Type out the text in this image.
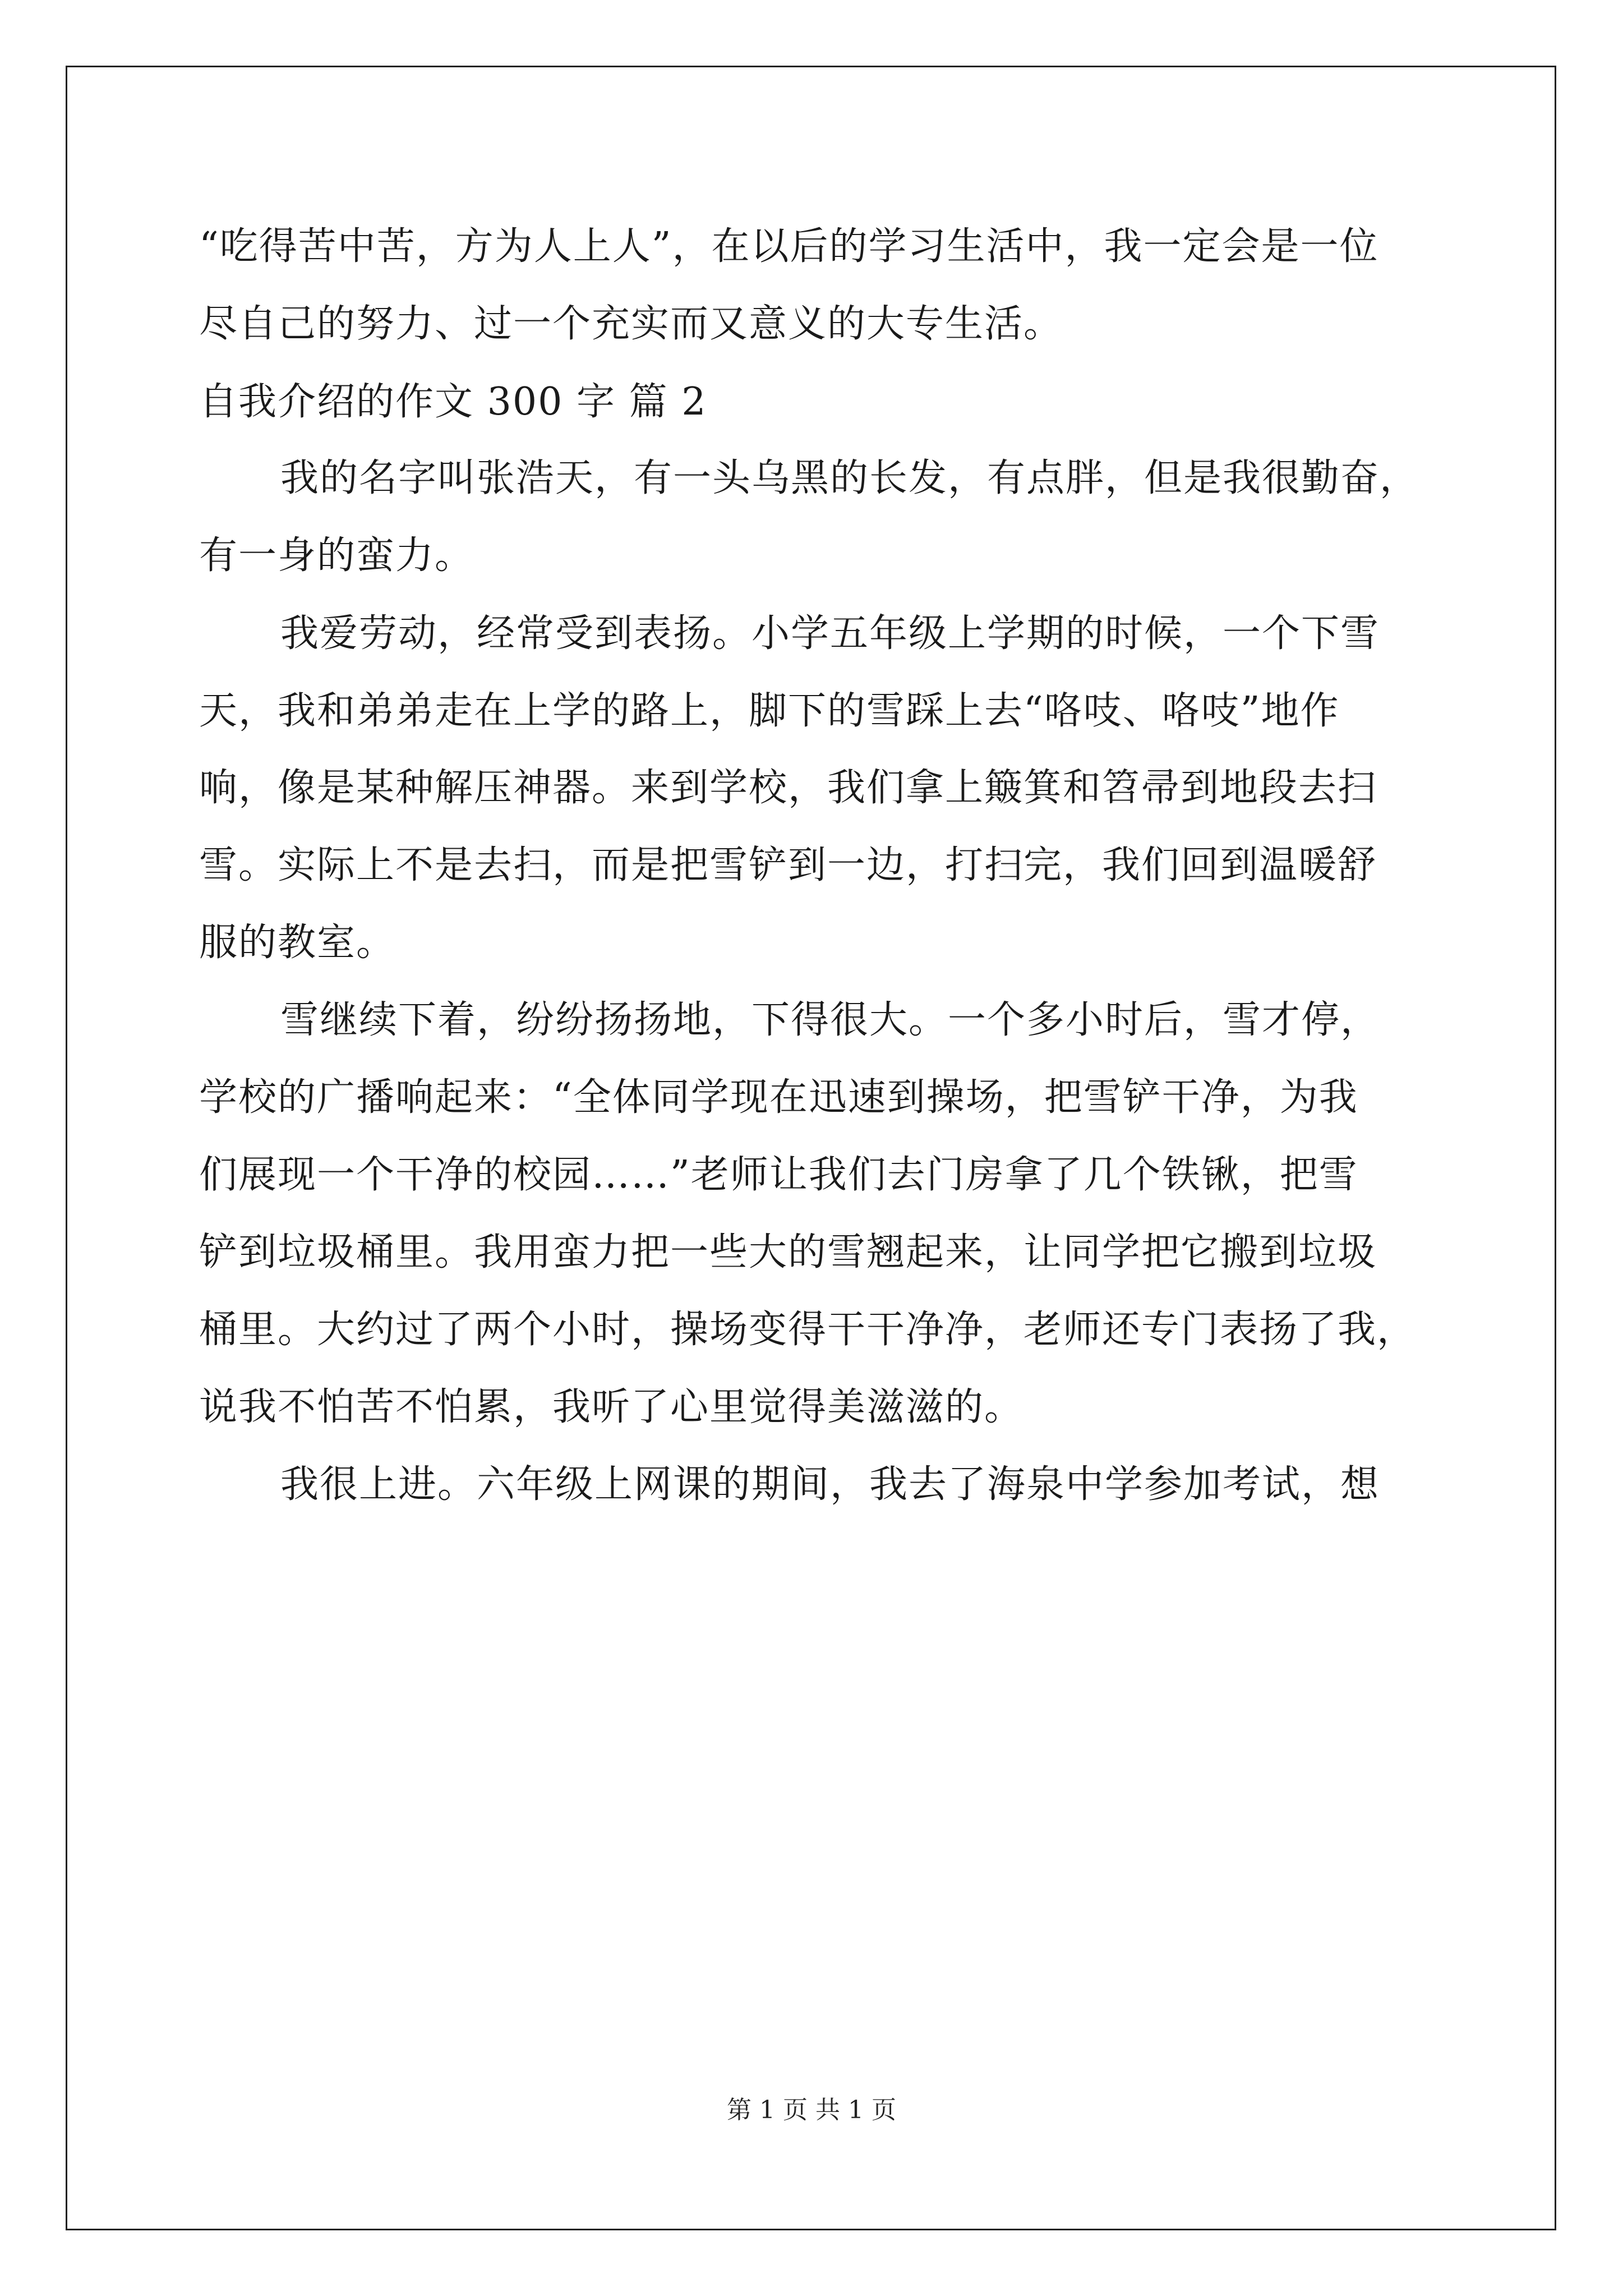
“吃得苦中苦，方为人上人”，在以后的学习生活中，我一定会是一位
尽自己的努力、过一个充实而又意义的大专生活。
自我介绍的作文 300 字 篇 2
我的名字叫张浩天，有一头乌黑的长发，有点胖，但是我很勤奋，
有一身的蛮力。
我爱劳动，经常受到表扬。小学五年级上学期的时候，一个下雪
天，我和弟弟走在上学的路上，脚下的雪踩上去“咯吱、咯吱”地作
响，像是某种解压神器。来到学校，我们拿上簸箕和笤帚到地段去扫
雪。实际上不是去扫，而是把雪铲到一边，打扫完，我们回到温暖舒
服的教室。
雪继续下着，纷纷扬扬地，下得很大。一个多小时后，雪才停，
学校的广播响起来：“全体同学现在迅速到操场，把雪铲干净，为我
们展现一个干净的校园……”老师让我们去门房拿了几个铁锹，把雪
铲到垃圾桶里。我用蛮力把一些大的雪翘起来，让同学把它搬到垃圾
桶里。大约过了两个小时，操场变得干干净净，老师还专门表扬了我，
说我不怕苦不怕累，我听了心里觉得美滋滋的。
我很上进。六年级上网课的期间，我去了海泉中学参加考试，想
第 1 页 共 1 页
